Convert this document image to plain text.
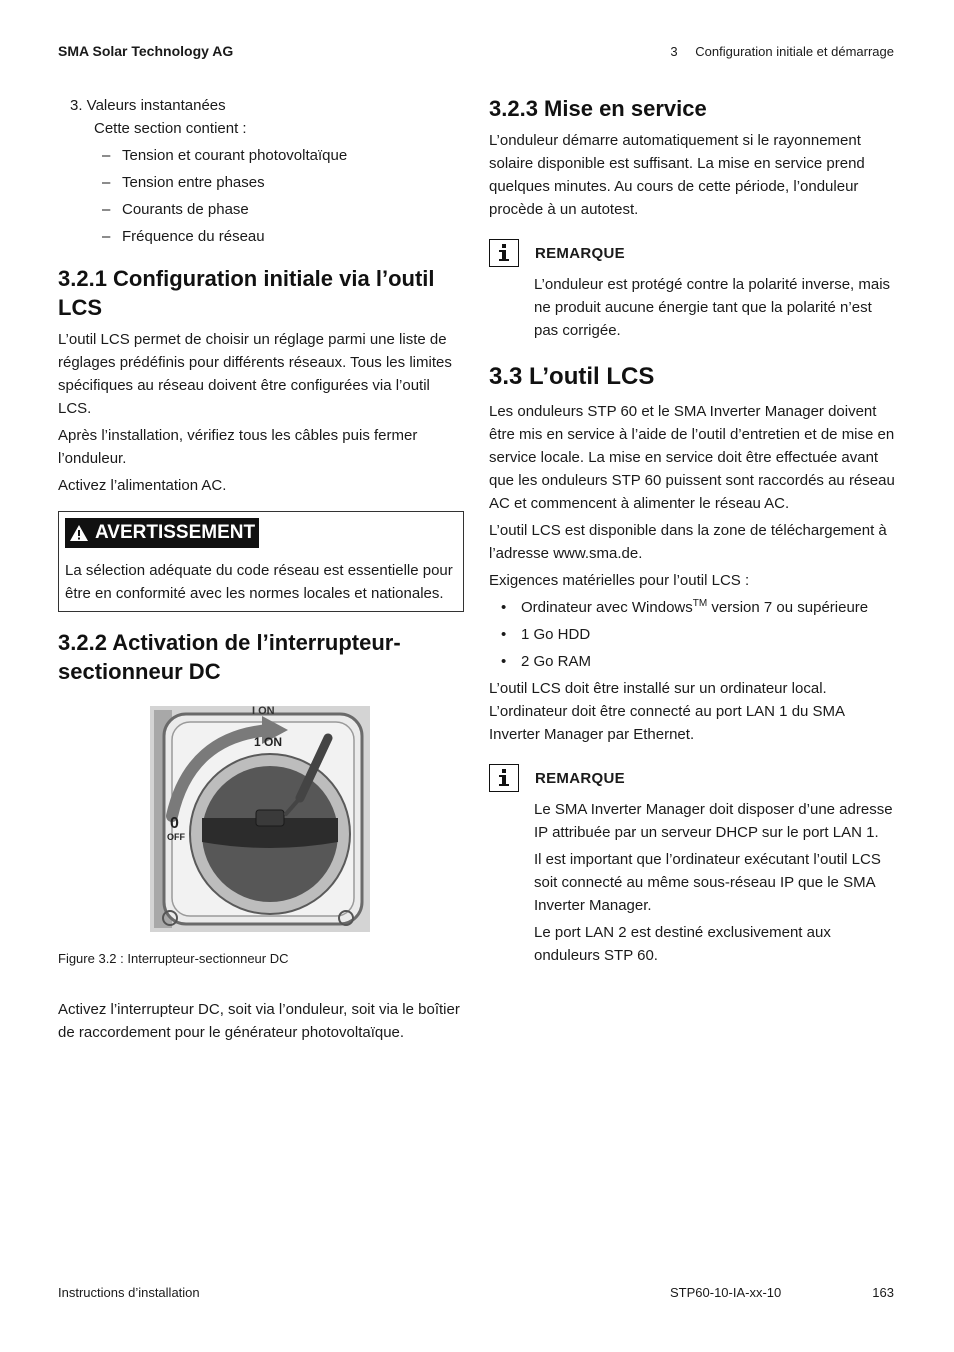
SMA Solar Technology AG	3 Configuration initiale et démarrage
3. Valeurs instantanées
Cette section contient :
– Tension et courant photovoltaïque
– Tension entre phases
– Courants de phase
– Fréquence du réseau
3.2.1 Configuration initiale via l’outil LCS

L’outil LCS permet de choisir un réglage parmi une liste de réglages prédéfinis pour différents réseaux. Tous les limites spécifiques au réseau doivent être configurées via l’outil LCS.

Après l’installation, vérifiez tous les câbles puis fermer l’onduleur.

Activez l’alimentation AC.

AVERTISSEMENT
La sélection adéquate du code réseau est essentielle pour être en conformité avec les normes locales et nationales.
3.2.2 Activation de l’interrupteur-sectionneur DC
I ON
1 ON
0
OFF
Figure 3.2 : Interrupteur-sectionneur DC

Activez l’interrupteur DC, soit via l’onduleur, soit via le boîtier de raccordement pour le générateur photovoltaïque.

3.2.3 Mise en service

L’onduleur démarre automatiquement si le rayonnement solaire disponible est suffisant. La mise en service prend quelques minutes. Au cours de cette période, l’onduleur procède à un autotest.

REMARQUE

L’onduleur est protégé contre la polarité inverse, mais ne produit aucune énergie tant que la polarité n’est pas corrigée.

3.3 L’outil LCS

Les onduleurs STP 60 et le SMA Inverter Manager doivent être mis en service à l’aide de l’outil d’entretien et de mise en service locale. La mise en service doit être effectuée avant que les onduleurs STP 60 puissent sont raccordés au réseau AC et commencent à alimenter le réseau AC.

L’outil LCS est disponible dans la zone de téléchargement à l’adresse www.sma.de.

Exigences matérielles pour l’outil LCS :

• Ordinateur avec Windows™ version 7 ou supérieure
• 1 Go HDD
• 2 Go RAM

L’outil LCS doit être installé sur un ordinateur local. L’ordinateur doit être connecté au port LAN 1 du SMA Inverter Manager par Ethernet.

REMARQUE

Le SMA Inverter Manager doit disposer d’une adresse IP attribuée par un serveur DHCP sur le port LAN 1.

Il est important que l’ordinateur exécutant l’outil LCS soit connecté au même sous-réseau IP que le SMA Inverter Manager.

Le port LAN 2 est destiné exclusivement aux onduleurs STP 60.

Instructions d’installation	STP60-10-IA-xx-10	163
